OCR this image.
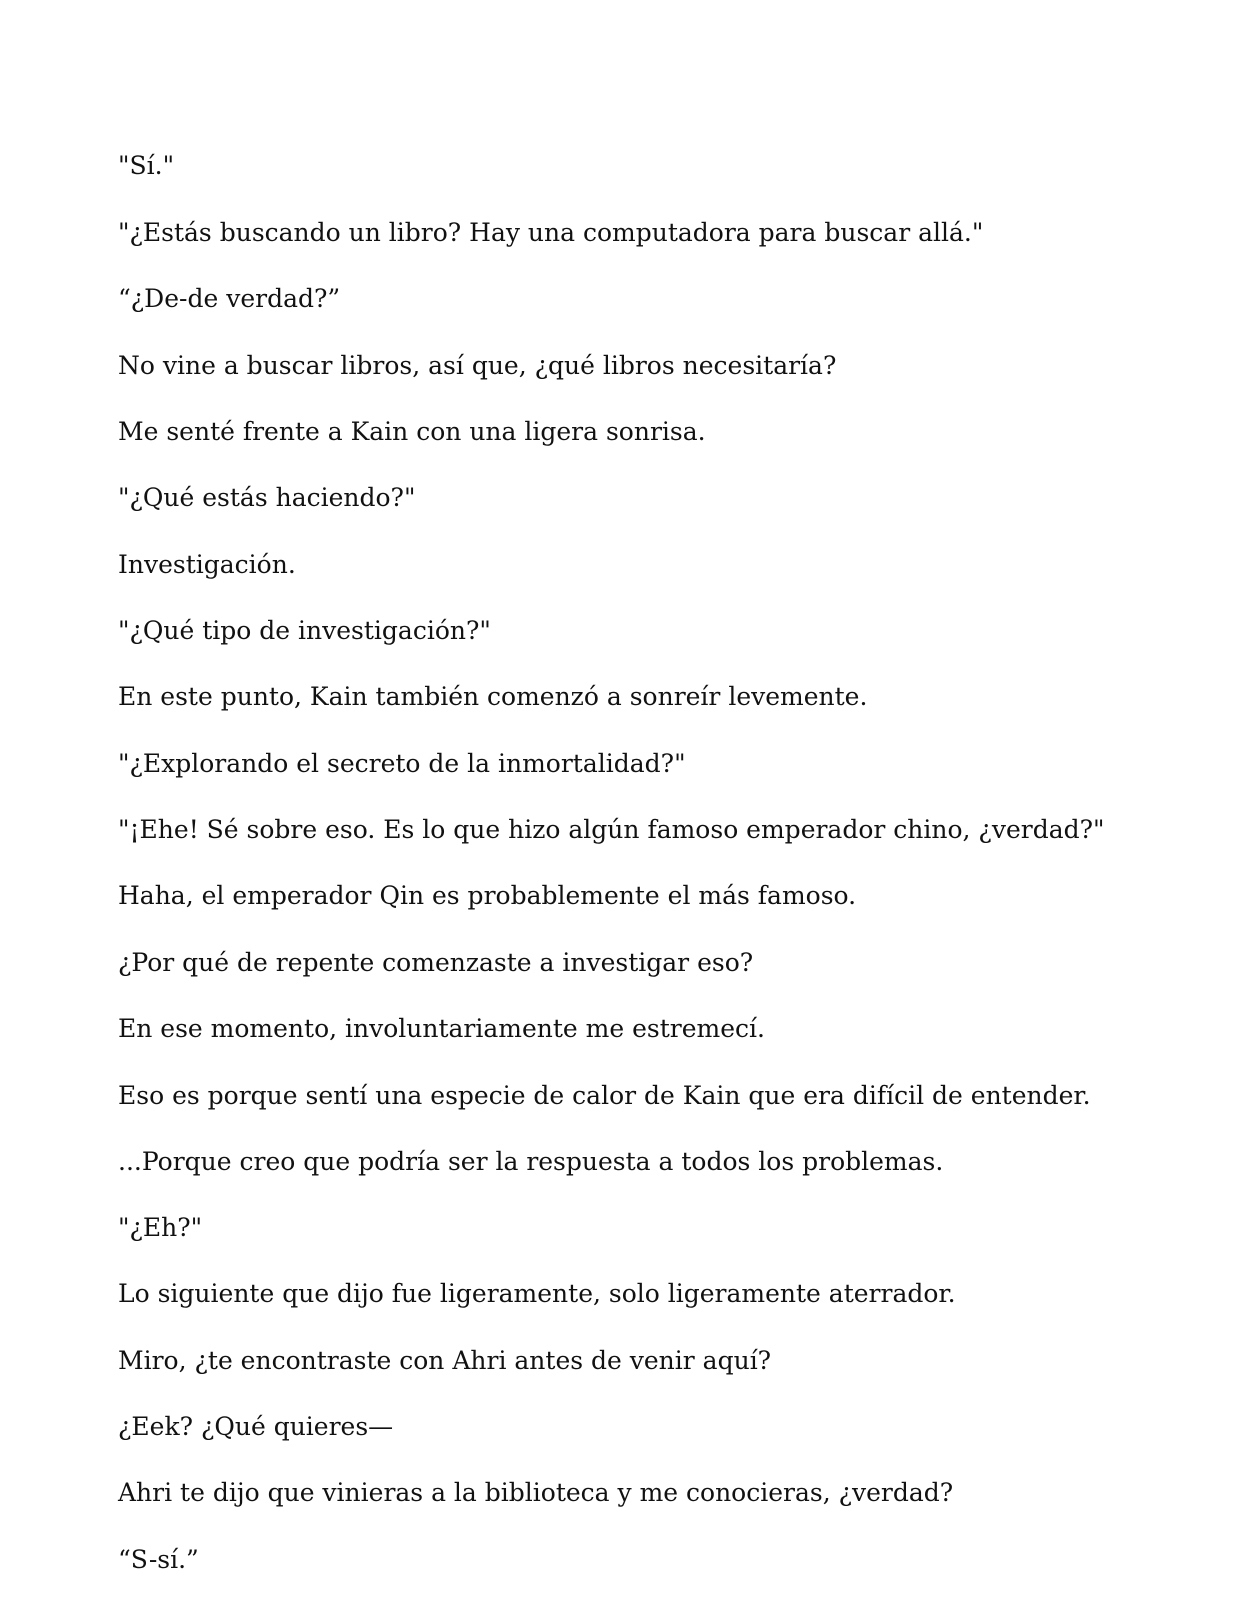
"Sí."

"¿Estás buscando un libro? Hay una computadora para buscar allá."

“¿De-de verdad?”

No vine a buscar libros, así que, ¿qué libros necesitaría?

Me senté frente a Kain con una ligera sonrisa.

"¿Qué estás haciendo?"

Investigación.

"¿Qué tipo de investigación?"

En este punto, Kain también comenzó a sonreír levemente.

"¿Explorando el secreto de la inmortalidad?"

"¡Ehe! Sé sobre eso. Es lo que hizo algún famoso emperador chino, ¿verdad?"

Haha, el emperador Qin es probablemente el más famoso.

¿Por qué de repente comenzaste a investigar eso?

En ese momento, involuntariamente me estremecí.

Eso es porque sentí una especie de calor de Kain que era difícil de entender.

...Porque creo que podría ser la respuesta a todos los problemas.

"¿Eh?"

Lo siguiente que dijo fue ligeramente, solo ligeramente aterrador.

Miro, ¿te encontraste con Ahri antes de venir aquí?

¿Eek? ¿Qué quieres—

Ahri te dijo que vinieras a la biblioteca y me conocieras, ¿verdad?

“S-sí.”
